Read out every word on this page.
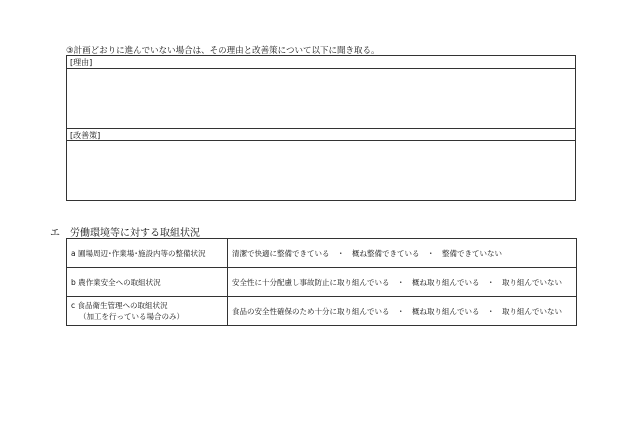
③計画どおりに進んでいない場合は、その理由と改善策について以下に聞き取る。
[理由]
[改善策]
エ　労働環境等に対する取組状況
a 圃場周辺･作業場･施設内等の整備状況	清潔で快適に整備できている　・　概ね整備できている　・　整備できていない
b 農作業安全への取組状況	安全性に十分配慮し事故防止に取り組んでいる　・　概ね取り組んでいる　・　取り組んでいない

c 食品衛生管理への取組状況
（加工を行っている場合のみ）	食品の安全性確保のため十分に取り組んでいる　・　概ね取り組んでいる　・　取り組んでいない
